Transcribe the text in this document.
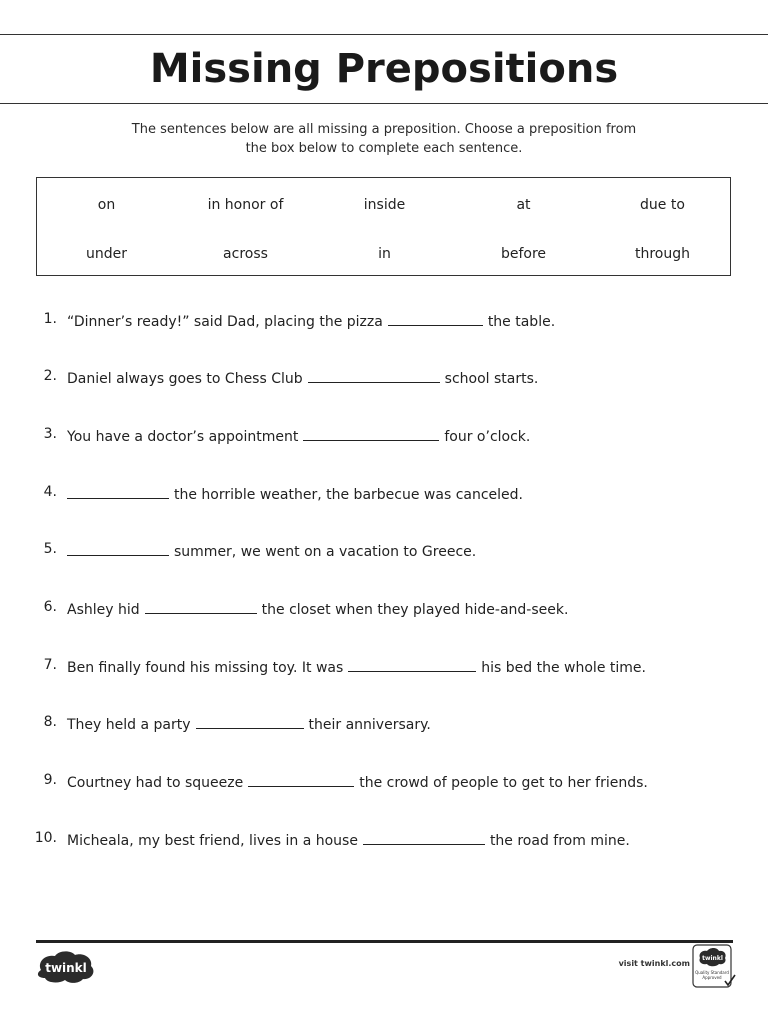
Missing Prepositions
The sentences below are all missing a preposition. Choose a preposition from
the box below to complete each sentence.
on	in honor of	inside	at	due to
under	across	in	before	through
1. “Dinner’s ready!” said Dad, placing the pizza	the table.
2. Daniel always goes to Chess Club	school starts.
3. You have a doctor’s appointment	four o’clock.
4.	the horrible weather, the barbecue was canceled.
5.	summer, we went on a vacation to Greece.
6. Ashley hid	the closet when they played hide-and-seek.
7. Ben finally found his missing toy. It was	his bed the whole time.
8. They held a party	their anniversary.
9. Courtney had to squeeze	the crowd of people to get to her friends.
10. Micheala, my best friend, lives in a house	the road from mine.
twinkl	visit twinkl.com
twinkl
Quality Standard
Approved
